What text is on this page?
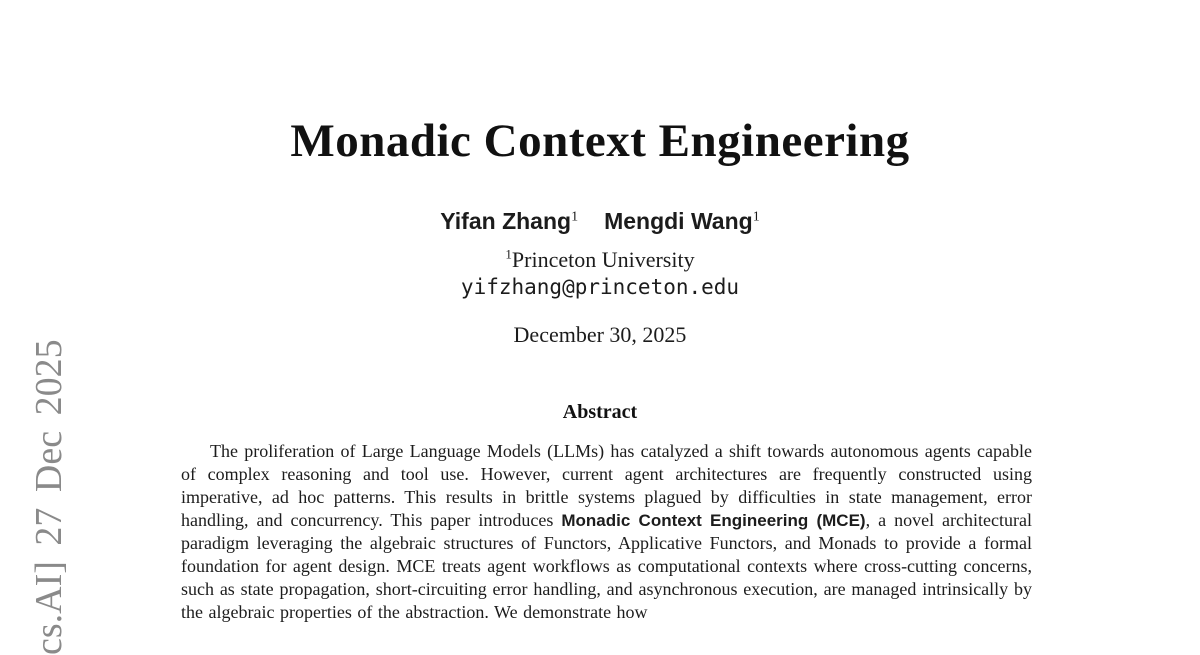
cs.AI] 27 Dec 2025
Monadic Context Engineering
Yifan Zhang$^1$ Mengdi Wang$^1$
$^1$Princeton University
yifzhang@princeton.edu
December 30, 2025
Abstract

The proliferation of Large Language Models (LLMs) has catalyzed a shift towards autonomous agents capable of complex reasoning and tool use. However, current agent architectures are frequently constructed using imperative, ad hoc patterns. This results in brittle systems plagued by difficulties in state management, error handling, and concurrency. This paper introduces Monadic Context Engineering (MCE), a novel architectural paradigm leveraging the algebraic structures of Functors, Applicative Functors, and Monads to provide a formal foundation for agent design. MCE treats agent workflows as computational contexts where cross-cutting concerns, such as state propagation, short-circuiting error handling, and asynchronous execution, are managed intrinsically by the algebraic properties of the abstraction. We demonstrate how
